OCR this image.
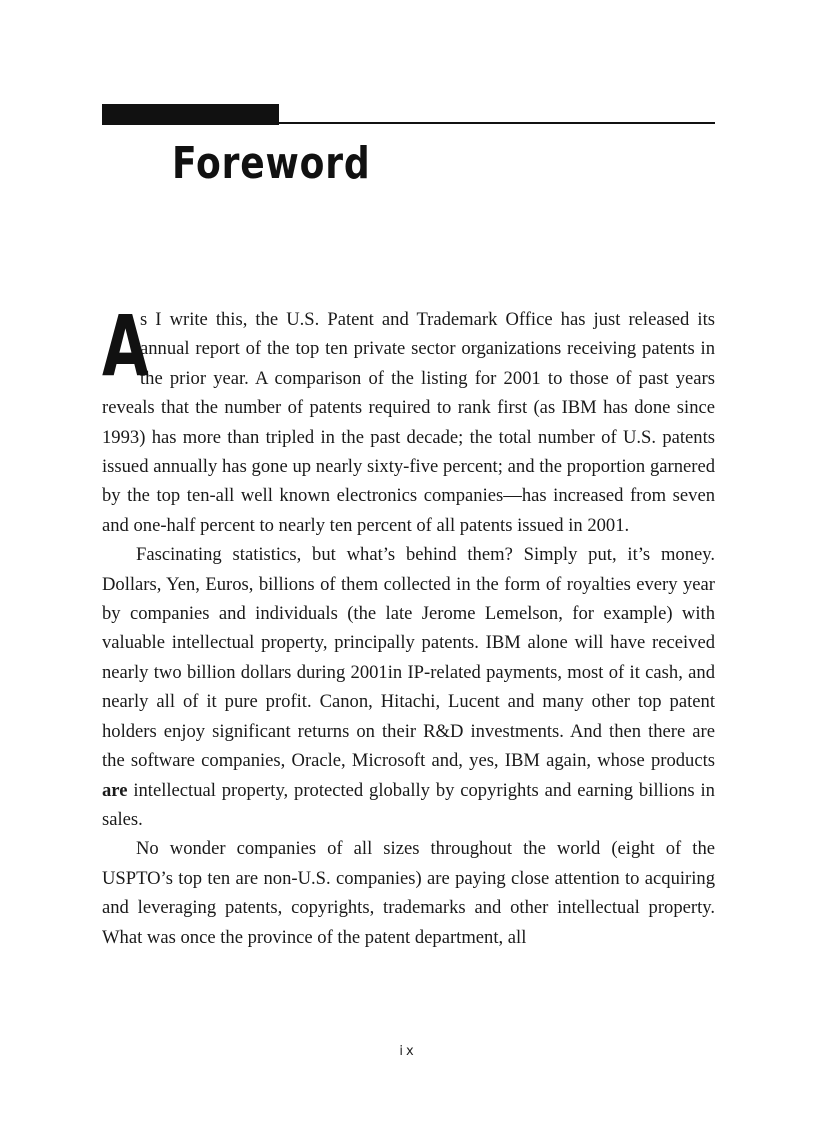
Foreword

A
s I write this, the U.S. Patent and Trademark Office has just released its annual report of the top ten private sector organizations receiving patents in the prior year. A comparison of the listing for 2001 to those of past years reveals that the number of patents required to rank first (as IBM has done since 1993) has more than tripled in the past decade; the total number of U.S. patents issued annually has gone up nearly sixty-five percent; and the proportion garnered by the top ten-all well known electronics companies—has increased from seven and one-half percent to nearly ten percent of all patents issued in 2001.

Fascinating statistics, but what’s behind them? Simply put, it’s money. Dollars, Yen, Euros, billions of them collected in the form of royalties every year by companies and individuals (the late Jerome Lemelson, for example) with valuable intellectual property, principally patents. IBM alone will have received nearly two billion dollars during 2001in IP-related payments, most of it cash, and nearly all of it pure profit. Canon, Hitachi, Lucent and many other top patent holders enjoy significant returns on their R&D investments. And then there are the software companies, Oracle, Microsoft and, yes, IBM again, whose products are intellectual property, protected globally by copyrights and earning billions in sales.

No wonder companies of all sizes throughout the world (eight of the USPTO’s top ten are non-U.S. companies) are paying close attention to acquiring and leveraging patents, copyrights, trademarks and other intellectual property. What was once the province of the patent department, all

ix
